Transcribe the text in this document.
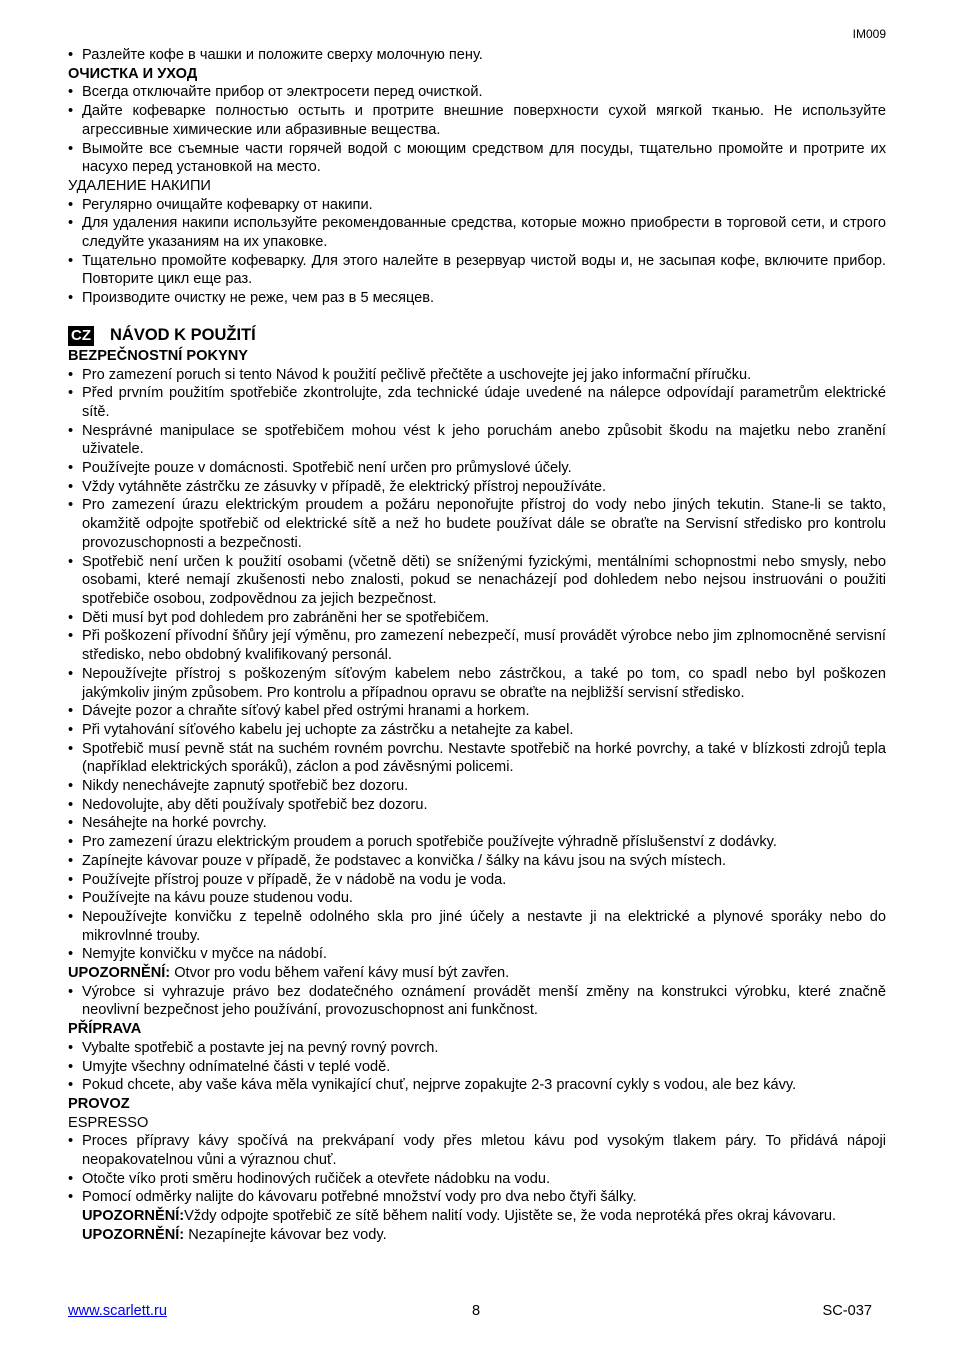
IM009

• Разлейте кофе в чашки и положите сверху молочную пену.

ОЧИСТКА И УХОД

• Всегда отключайте прибор от электросети перед очисткой.

• Дайте кофеварке полностью остыть и протрите внешние поверхности сухой мягкой тканью. Не используйте агрессивные химические или абразивные вещества.

• Вымойте все съемные части горячей водой с моющим средством для посуды, тщательно промойте и протрите их насухо перед установкой на место.

УДАЛЕНИЕ НАКИПИ

• Регулярно очищайте кофеварку от накипи.

• Для удаления накипи используйте рекомендованные средства, которые можно приобрести в торговой сети, и строго следуйте указаниям на их упаковке.

• Тщательно промойте кофеварку. Для этого налейте в резервуар чистой воды и, не засыпая кофе, включите прибор. Повторите цикл еще раз.

• Производите очистку не реже, чем раз в 5 месяцев.

CZ NÁVOD K POUŽITÍ

BEZPEČNOSTNÍ POKYNY

• Pro zamezení poruch si tento Návod k použití pečlivě přečtěte a uschovejte jej jako informační příručku.

• Před prvním použitím spotřebiče zkontrolujte, zda technické údaje uvedené na nálepce odpovídají parametrům elektrické sítě.

• Nesprávné manipulace se spotřebičem mohou vést k jeho poruchám anebo způsobit škodu na majetku nebo zranění uživatele.

• Používejte pouze v domácnosti. Spotřebič není určen pro průmyslové účely.

• Vždy vytáhněte zástrčku ze zásuvky v případě, že elektrický přístroj nepoužíváte.

• Pro zamezení úrazu elektrickým proudem a požáru neponořujte přístroj do vody nebo jiných tekutin. Stane-li se takto, okamžitě odpojte spotřebič od elektrické sítě a než ho budete používat dále se obraťte na Servisní středisko pro kontrolu provozuschopnosti a bezpečnosti.

• Spotřebič není určen k použití osobami (včetně děti) se sníženými fyzickými, mentálními schopnostmi nebo smysly, nebo osobami, které nemají zkušenosti nebo znalosti, pokud se nenacházejí pod dohledem nebo nejsou instruováni o použiti spotřebiče osobou, zodpovědnou za jejich bezpečnost.

• Děti musí byt pod dohledem pro zabráněni her se spotřebičem.

• Při poškození přívodní šňůry její výměnu, pro zamezení nebezpečí, musí provádět výrobce nebo jim zplnomocněné servisní středisko, nebo obdobný kvalifikovaný personál.

• Nepoužívejte přístroj s poškozeným síťovým kabelem nebo zástrčkou, a také po tom, co spadl nebo byl poškozen jakýmkoliv jiným způsobem. Pro kontrolu a případnou opravu se obraťte na nejbližší servisní středisko.

• Dávejte pozor a chraňte síťový kabel před ostrými hranami a horkem.

• Při vytahování síťového kabelu jej uchopte za zástrčku a netahejte za kabel.

• Spotřebič musí pevně stát na suchém rovném povrchu. Nestavte spotřebič na horké povrchy, a také v blízkosti zdrojů tepla (například elektrických sporáků), záclon a pod závěsnými policemi.

• Nikdy nenechávejte zapnutý spotřebič bez dozoru.

• Nedovolujte, aby děti používaly spotřebič bez dozoru.

• Nesáhejte na horké povrchy.

• Pro zamezení úrazu elektrickým proudem a poruch spotřebiče používejte výhradně příslušenství z dodávky.

• Zapínejte kávovar pouze v případě, že podstavec a konvička / šálky na kávu jsou na svých místech.

• Používejte přístroj pouze v případě, že v nádobě na vodu je voda.

• Používejte na kávu pouze studenou vodu.

• Nepoužívejte konvičku z tepelně odolného skla pro jiné účely a nestavte ji na elektrické a plynové sporáky nebo do mikrovlnné trouby.

• Nemyjte konvičku v myčce na nádobí.

UPOZORNĚNÍ: Otvor pro vodu během vaření kávy musí být zavřen.

• Výrobce si vyhrazuje právo bez dodatečného oznámení provádět menší změny na konstrukci výrobku, které značně neovlivní bezpečnost jeho používání, provozuschopnost ani funkčnost.

PŘÍPRAVA

• Vybalte spotřebič a postavte jej na pevný rovný povrch.

• Umyjte všechny odnímatelné části v teplé vodě.

• Pokud chcete, aby vaše káva měla vynikající chuť, nejprve zopakujte 2-3 pracovní cykly s vodou, ale bez kávy.

PROVOZ

ESPRESSO

• Proces přípravy kávy spočívá na prekvápaní vody přes mletou kávu pod vysokým tlakem páry. To přidává nápoji neopakovatelnou vůni a výraznou chuť.

• Otočte víko proti směru hodinových ručiček a otevřete nádobku na vodu.

• Pomocí odměrky nalijte do kávovaru potřebné množství vody pro dva nebo čtyři šálky.

UPOZORNĚNÍ:Vždy odpojte spotřebič ze sítě během nalití vody. Ujistěte se, že voda neprotéká přes okraj kávovaru.

UPOZORNĚNÍ: Nezapínejte kávovar bez vody.

www.scarlett.ru	8	SC-037
